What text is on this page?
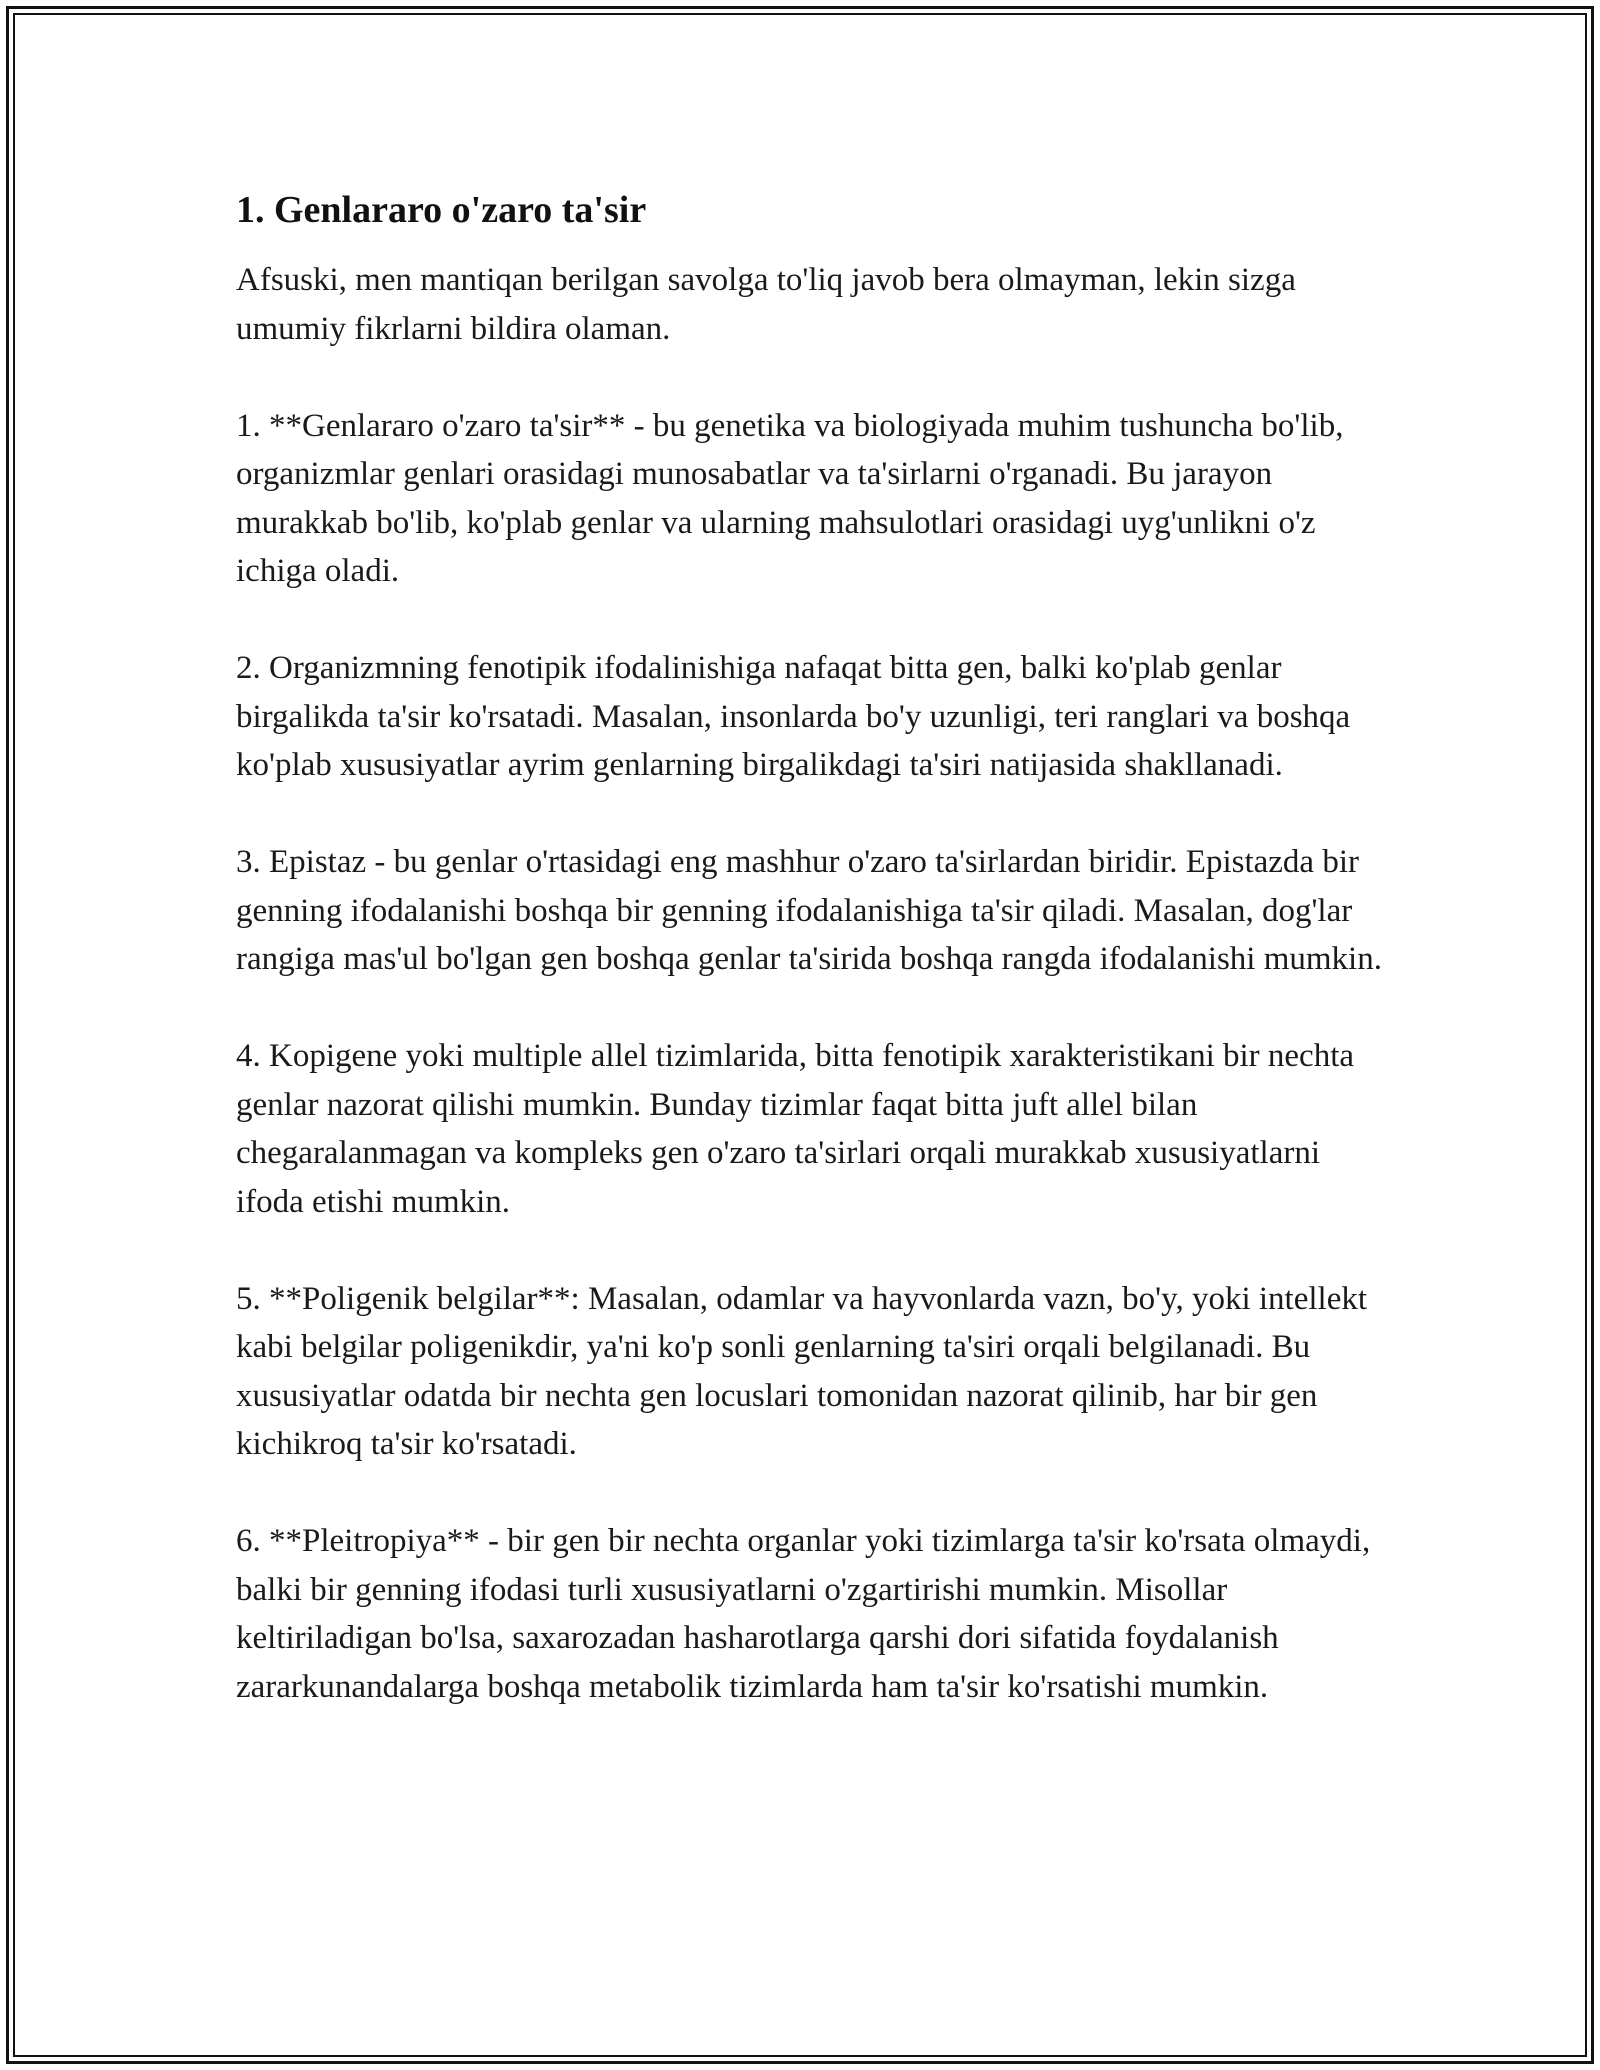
1. Genlararo o'zaro ta'sir

Afsuski, men mantiqan berilgan savolga to'liq javob bera olmayman, lekin sizga umumiy fikrlarni bildira olaman.

1. **Genlararo o'zaro ta'sir** - bu genetika va biologiyada muhim tushuncha bo'lib, organizmlar genlari orasidagi munosabatlar va ta'sirlarni o'rganadi. Bu jarayon murakkab bo'lib, ko'plab genlar va ularning mahsulotlari orasidagi uyg'unlikni o'z ichiga oladi.

2. Organizmning fenotipik ifodalinishiga nafaqat bitta gen, balki ko'plab genlar birgalikda ta'sir ko'rsatadi. Masalan, insonlarda bo'y uzunligi, teri ranglari va boshqa ko'plab xususiyatlar ayrim genlarning birgalikdagi ta'siri natijasida shakllanadi.

3. Epistaz - bu genlar o'rtasidagi eng mashhur o'zaro ta'sirlardan biridir. Epistazda bir genning ifodalanishi boshqa bir genning ifodalanishiga ta'sir qiladi. Masalan, dog'lar rangiga mas'ul bo'lgan gen boshqa genlar ta'sirida boshqa rangda ifodalanishi mumkin.

4. Kopigene yoki multiple allel tizimlarida, bitta fenotipik xarakteristikani bir nechta genlar nazorat qilishi mumkin. Bunday tizimlar faqat bitta juft allel bilan chegaralanmagan va kompleks gen o'zaro ta'sirlari orqali murakkab xususiyatlarni ifoda etishi mumkin.

5. **Poligenik belgilar**: Masalan, odamlar va hayvonlarda vazn, bo'y, yoki intellekt kabi belgilar poligenikdir, ya'ni ko'p sonli genlarning ta'siri orqali belgilanadi. Bu xususiyatlar odatda bir nechta gen locuslari tomonidan nazorat qilinib, har bir gen kichikroq ta'sir ko'rsatadi.

6. **Pleitropiya** - bir gen bir nechta organlar yoki tizimlarga ta'sir ko'rsata olmaydi, balki bir genning ifodasi turli xususiyatlarni o'zgartirishi mumkin. Misollar keltiriladigan bo'lsa, saxarozadan hasharotlarga qarshi dori sifatida foydalanish zararkunandalarga boshqa metabolik tizimlarda ham ta'sir ko'rsatishi mumkin.
